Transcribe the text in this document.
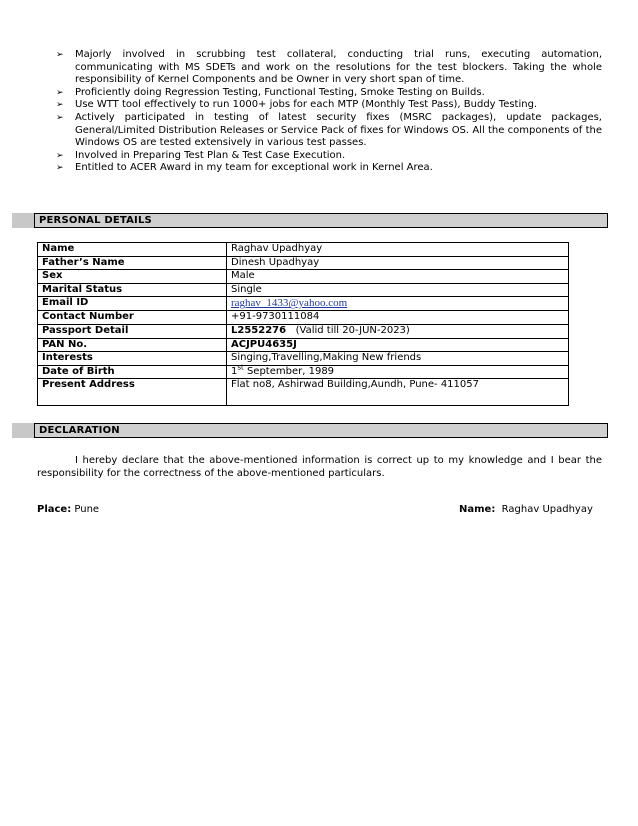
➢ Majorly involved in scrubbing test collateral, conducting trial runs, executing automation, communicating with MS SDETs and work on the resolutions for the test blockers. Taking the whole responsibility of Kernel Components and be Owner in very short span of time.
➢ Proficiently doing Regression Testing, Functional Testing, Smoke Testing on Builds.
➢ Use WTT tool effectively to run 1000+ jobs for each MTP (Monthly Test Pass), Buddy Testing.
➢ Actively participated in testing of latest security fixes (MSRC packages), update packages, General/Limited Distribution Releases or Service Pack of fixes for Windows OS. All the components of the Windows OS are tested extensively in various test passes.
➢ Involved in Preparing Test Plan & Test Case Execution.
➢ Entitled to ACER Award in my team for exceptional work in Kernel Area.
PERSONAL DETAILS
Name	Raghav Upadhyay
Father’s Name	Dinesh Upadhyay
Sex	Male
Marital Status	Single
Email ID	raghav_1433@yahoo.com
Contact Number	+91-9730111084
Passport Detail	L2552276   (Valid till 20-JUN-2023)
PAN No.	ACJPU4635J
Interests	Singing,Travelling,Making New friends
Date of Birth	1st September, 1989
Present Address	Flat no8, Ashirwad Building,Aundh, Pune- 411057
DECLARATION
I hereby declare that the above-mentioned information is correct up to my knowledge and I bear the responsibility for the correctness of the above-mentioned particulars.
Place: Pune	Name:  Raghav Upadhyay
